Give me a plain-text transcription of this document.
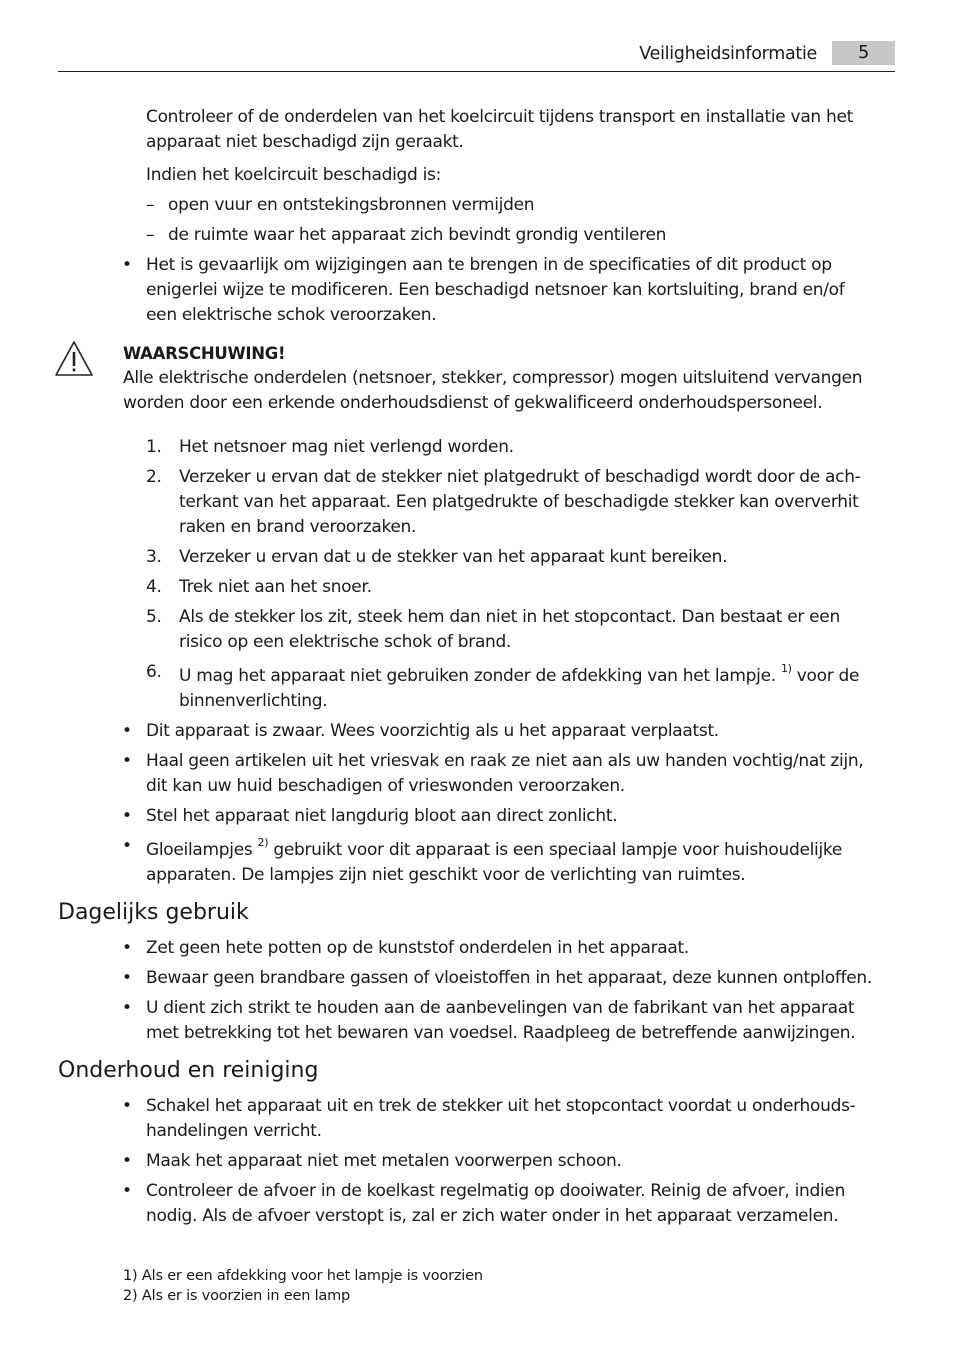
Veiligheidsinformatie	5
Controleer of de onderdelen van het koelcircuit tijdens transport en installatie van het
apparaat niet beschadigd zijn geraakt.
Indien het koelcircuit beschadigd is:
– open vuur en ontstekingsbronnen vermijden
– de ruimte waar het apparaat zich bevindt grondig ventileren
• Het is gevaarlijk om wijzigingen aan te brengen in de specificaties of dit product op
enigerlei wijze te modificeren. Een beschadigd netsnoer kan kortsluiting, brand en/of
een elektrische schok veroorzaken.
WAARSCHUWING!
Alle elektrische onderdelen (netsnoer, stekker, compressor) mogen uitsluitend vervangen
worden door een erkende onderhoudsdienst of gekwalificeerd onderhoudspersoneel.
1. Het netsnoer mag niet verlengd worden.
2. Verzeker u ervan dat de stekker niet platgedrukt of beschadigd wordt door de ach-
terkant van het apparaat. Een platgedrukte of beschadigde stekker kan oververhit
raken en brand veroorzaken.
3. Verzeker u ervan dat u de stekker van het apparaat kunt bereiken.
4. Trek niet aan het snoer.
5. Als de stekker los zit, steek hem dan niet in het stopcontact. Dan bestaat er een
risico op een elektrische schok of brand.
6. U mag het apparaat niet gebruiken zonder de afdekking van het lampje. $^{1)}$ voor de
binnenverlichting.
• Dit apparaat is zwaar. Wees voorzichtig als u het apparaat verplaatst.
• Haal geen artikelen uit het vriesvak en raak ze niet aan als uw handen vochtig/nat zijn,
dit kan uw huid beschadigen of vrieswonden veroorzaken.
• Stel het apparaat niet langdurig bloot aan direct zonlicht.
• Gloeilampjes $^{2)}$ gebruikt voor dit apparaat is een speciaal lampje voor huishoudelijke
apparaten. De lampjes zijn niet geschikt voor de verlichting van ruimtes.
Dagelijks gebruik
• Zet geen hete potten op de kunststof onderdelen in het apparaat.
• Bewaar geen brandbare gassen of vloeistoffen in het apparaat, deze kunnen ontploffen.
• U dient zich strikt te houden aan de aanbevelingen van de fabrikant van het apparaat
met betrekking tot het bewaren van voedsel. Raadpleeg de betreffende aanwijzingen.
Onderhoud en reiniging
• Schakel het apparaat uit en trek de stekker uit het stopcontact voordat u onderhouds-
handelingen verricht.
• Maak het apparaat niet met metalen voorwerpen schoon.
• Controleer de afvoer in de koelkast regelmatig op dooiwater. Reinig de afvoer, indien
nodig. Als de afvoer verstopt is, zal er zich water onder in het apparaat verzamelen.
1) Als er een afdekking voor het lampje is voorzien
2) Als er is voorzien in een lamp
